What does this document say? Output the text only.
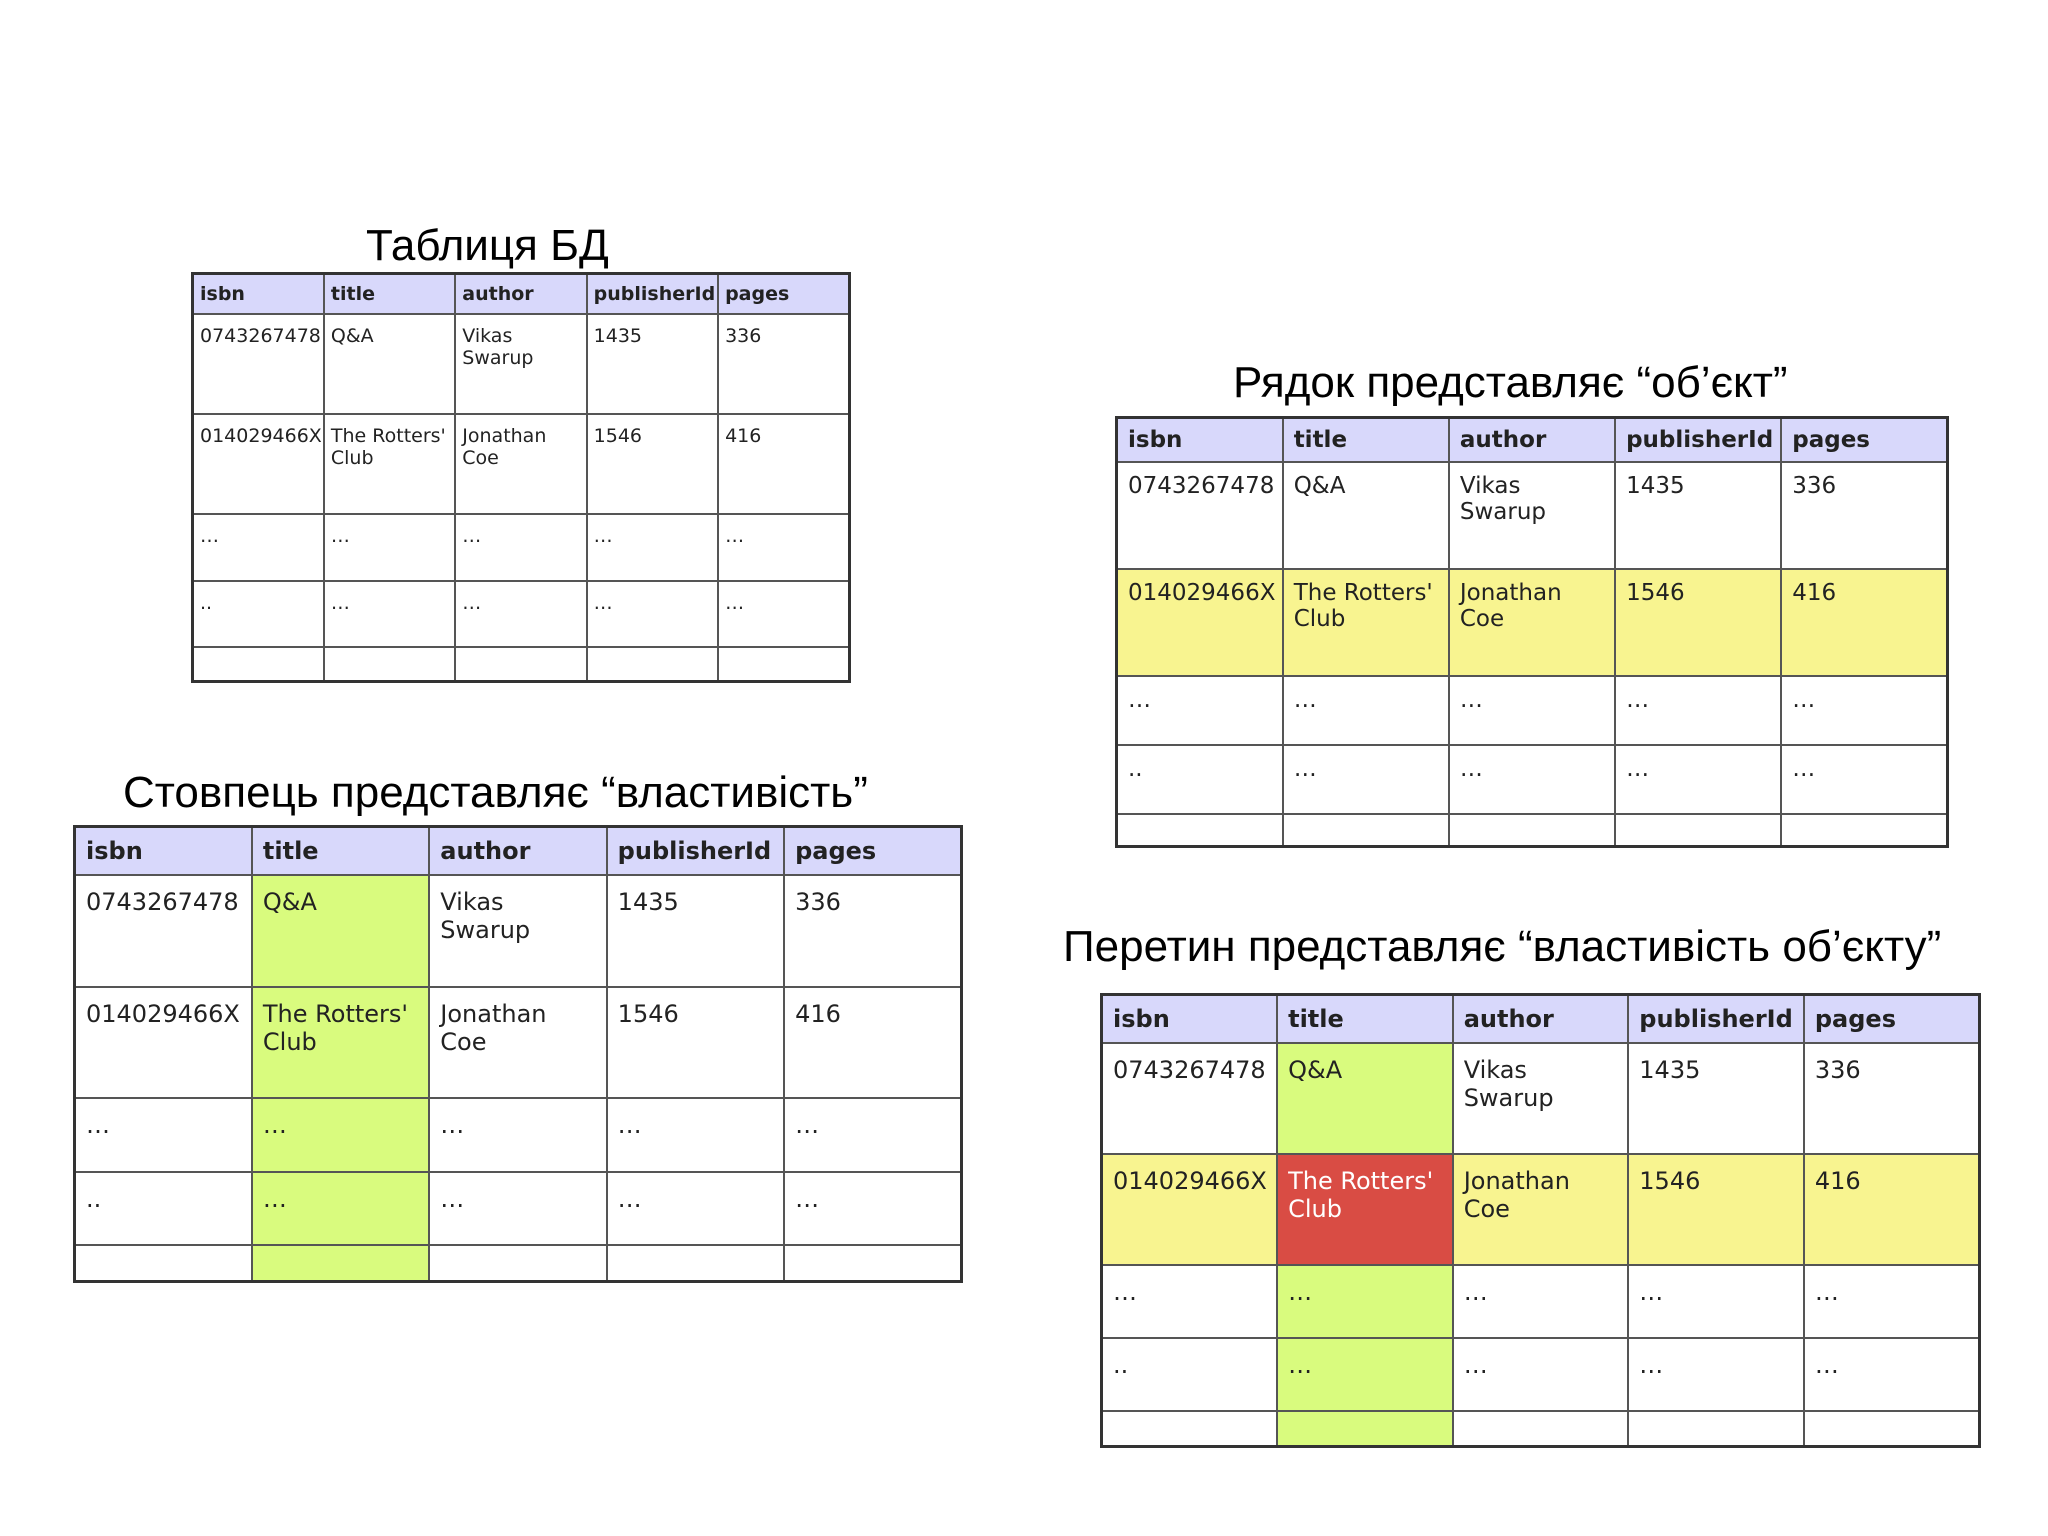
Таблиця БД
isbn	title	author	publisherId	pages
0743267478	Q&A	Vikas Swarup	1435	336
014029466X	The Rotters' Club	Jonathan Coe	1546	416
…	…	…	…	…
..	…	…	…	…

Рядок представляє “об’єкт”
isbn	title	author	publisherId	pages
0743267478	Q&A	Vikas Swarup	1435	336
014029466X	The Rotters' Club	Jonathan Coe	1546	416
…	…	…	…	…
..	…	…	…	…

Стовпець представляє “властивість”
isbn	title	author	publisherId	pages
0743267478	Q&A	Vikas Swarup	1435	336
014029466X	The Rotters' Club	Jonathan Coe	1546	416
…	…	…	…	…
..	…	…	…	…

Перетин представляє “властивість об’єкту”
isbn	title	author	publisherId	pages
0743267478	Q&A	Vikas Swarup	1435	336
014029466X	The Rotters' Club	Jonathan Coe	1546	416
…	…	…	…	…
..	…	…	…	…
